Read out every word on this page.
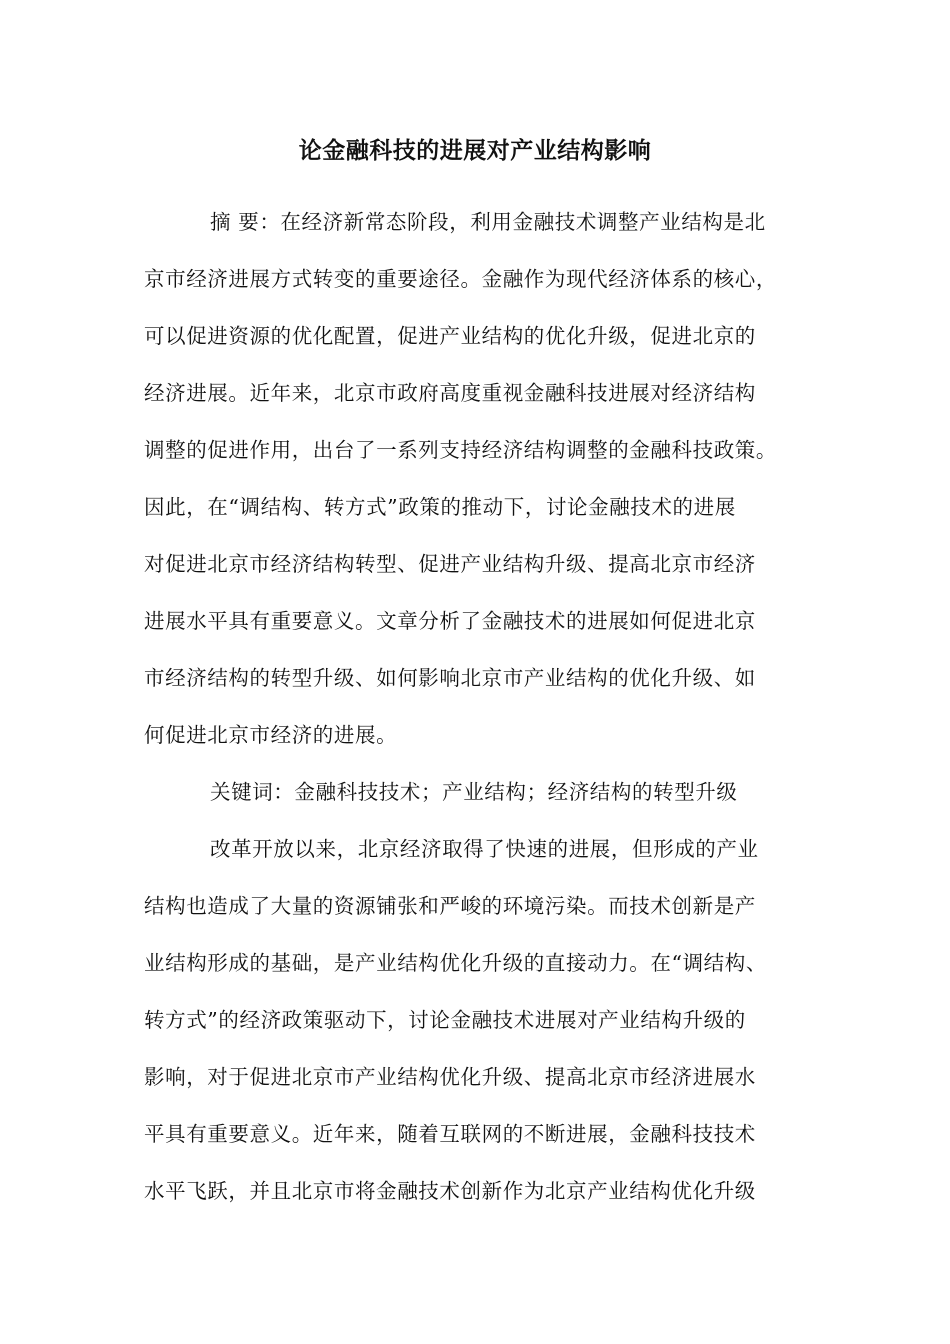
论金融科技的进展对产业结构影响
摘 要：在经济新常态阶段，利用金融技术调整产业结构是北
京市经济进展方式转变的重要途径。金融作为现代经济体系的核心，
可以促进资源的优化配置，促进产业结构的优化升级，促进北京的
经济进展。近年来，北京市政府高度重视金融科技进展对经济结构
调整的促进作用，出台了一系列支持经济结构调整的金融科技政策。
因此，在“调结构、转方式”政策的推动下，讨论金融技术的进展
对促进北京市经济结构转型、促进产业结构升级、提高北京市经济
进展水平具有重要意义。文章分析了金融技术的进展如何促进北京
市经济结构的转型升级、如何影响北京市产业结构的优化升级、如
何促进北京市经济的进展。
关键词：金融科技技术；产业结构；经济结构的转型升级
改革开放以来，北京经济取得了快速的进展，但形成的产业
结构也造成了大量的资源铺张和严峻的环境污染。而技术创新是产
业结构形成的基础，是产业结构优化升级的直接动力。在“调结构、
转方式”的经济政策驱动下，讨论金融技术进展对产业结构升级的
影响，对于促进北京市产业结构优化升级、提高北京市经济进展水
平具有重要意义。近年来，随着互联网的不断进展，金融科技技术
水平飞跃，并且北京市将金融技术创新作为北京产业结构优化升级
